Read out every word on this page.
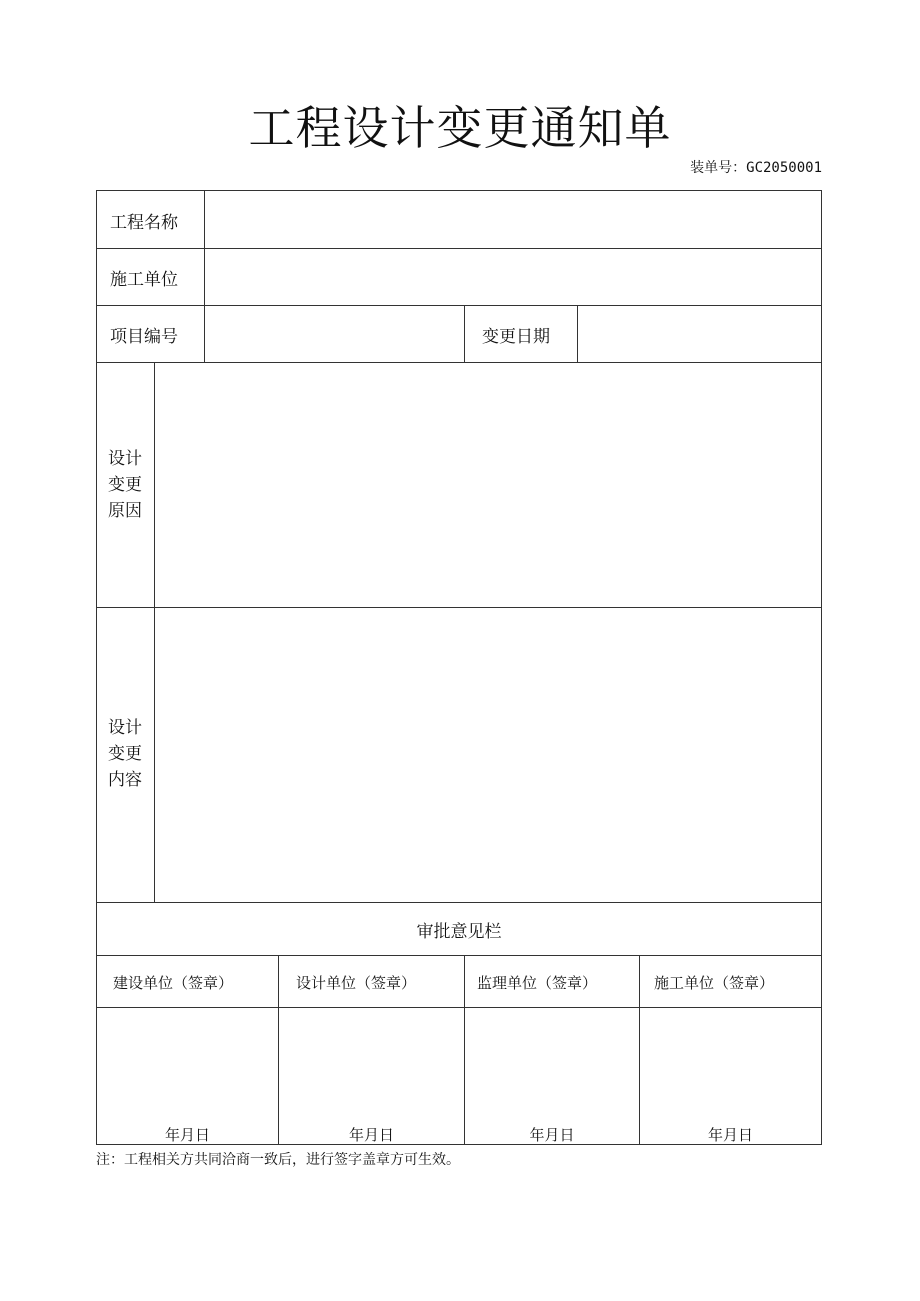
工程设计变更通知单
装单号：GC2050001
工程名称
施工单位
项目编号	变更日期
设计
变更
原因
设计
变更
内容
审批意见栏
建设单位（签章）	设计单位（签章）	监理单位（签章）	施工单位（签章）
年月日	年月日	年月日	年月日
注：工程相关方共同洽商一致后，进行签字盖章方可生效。
